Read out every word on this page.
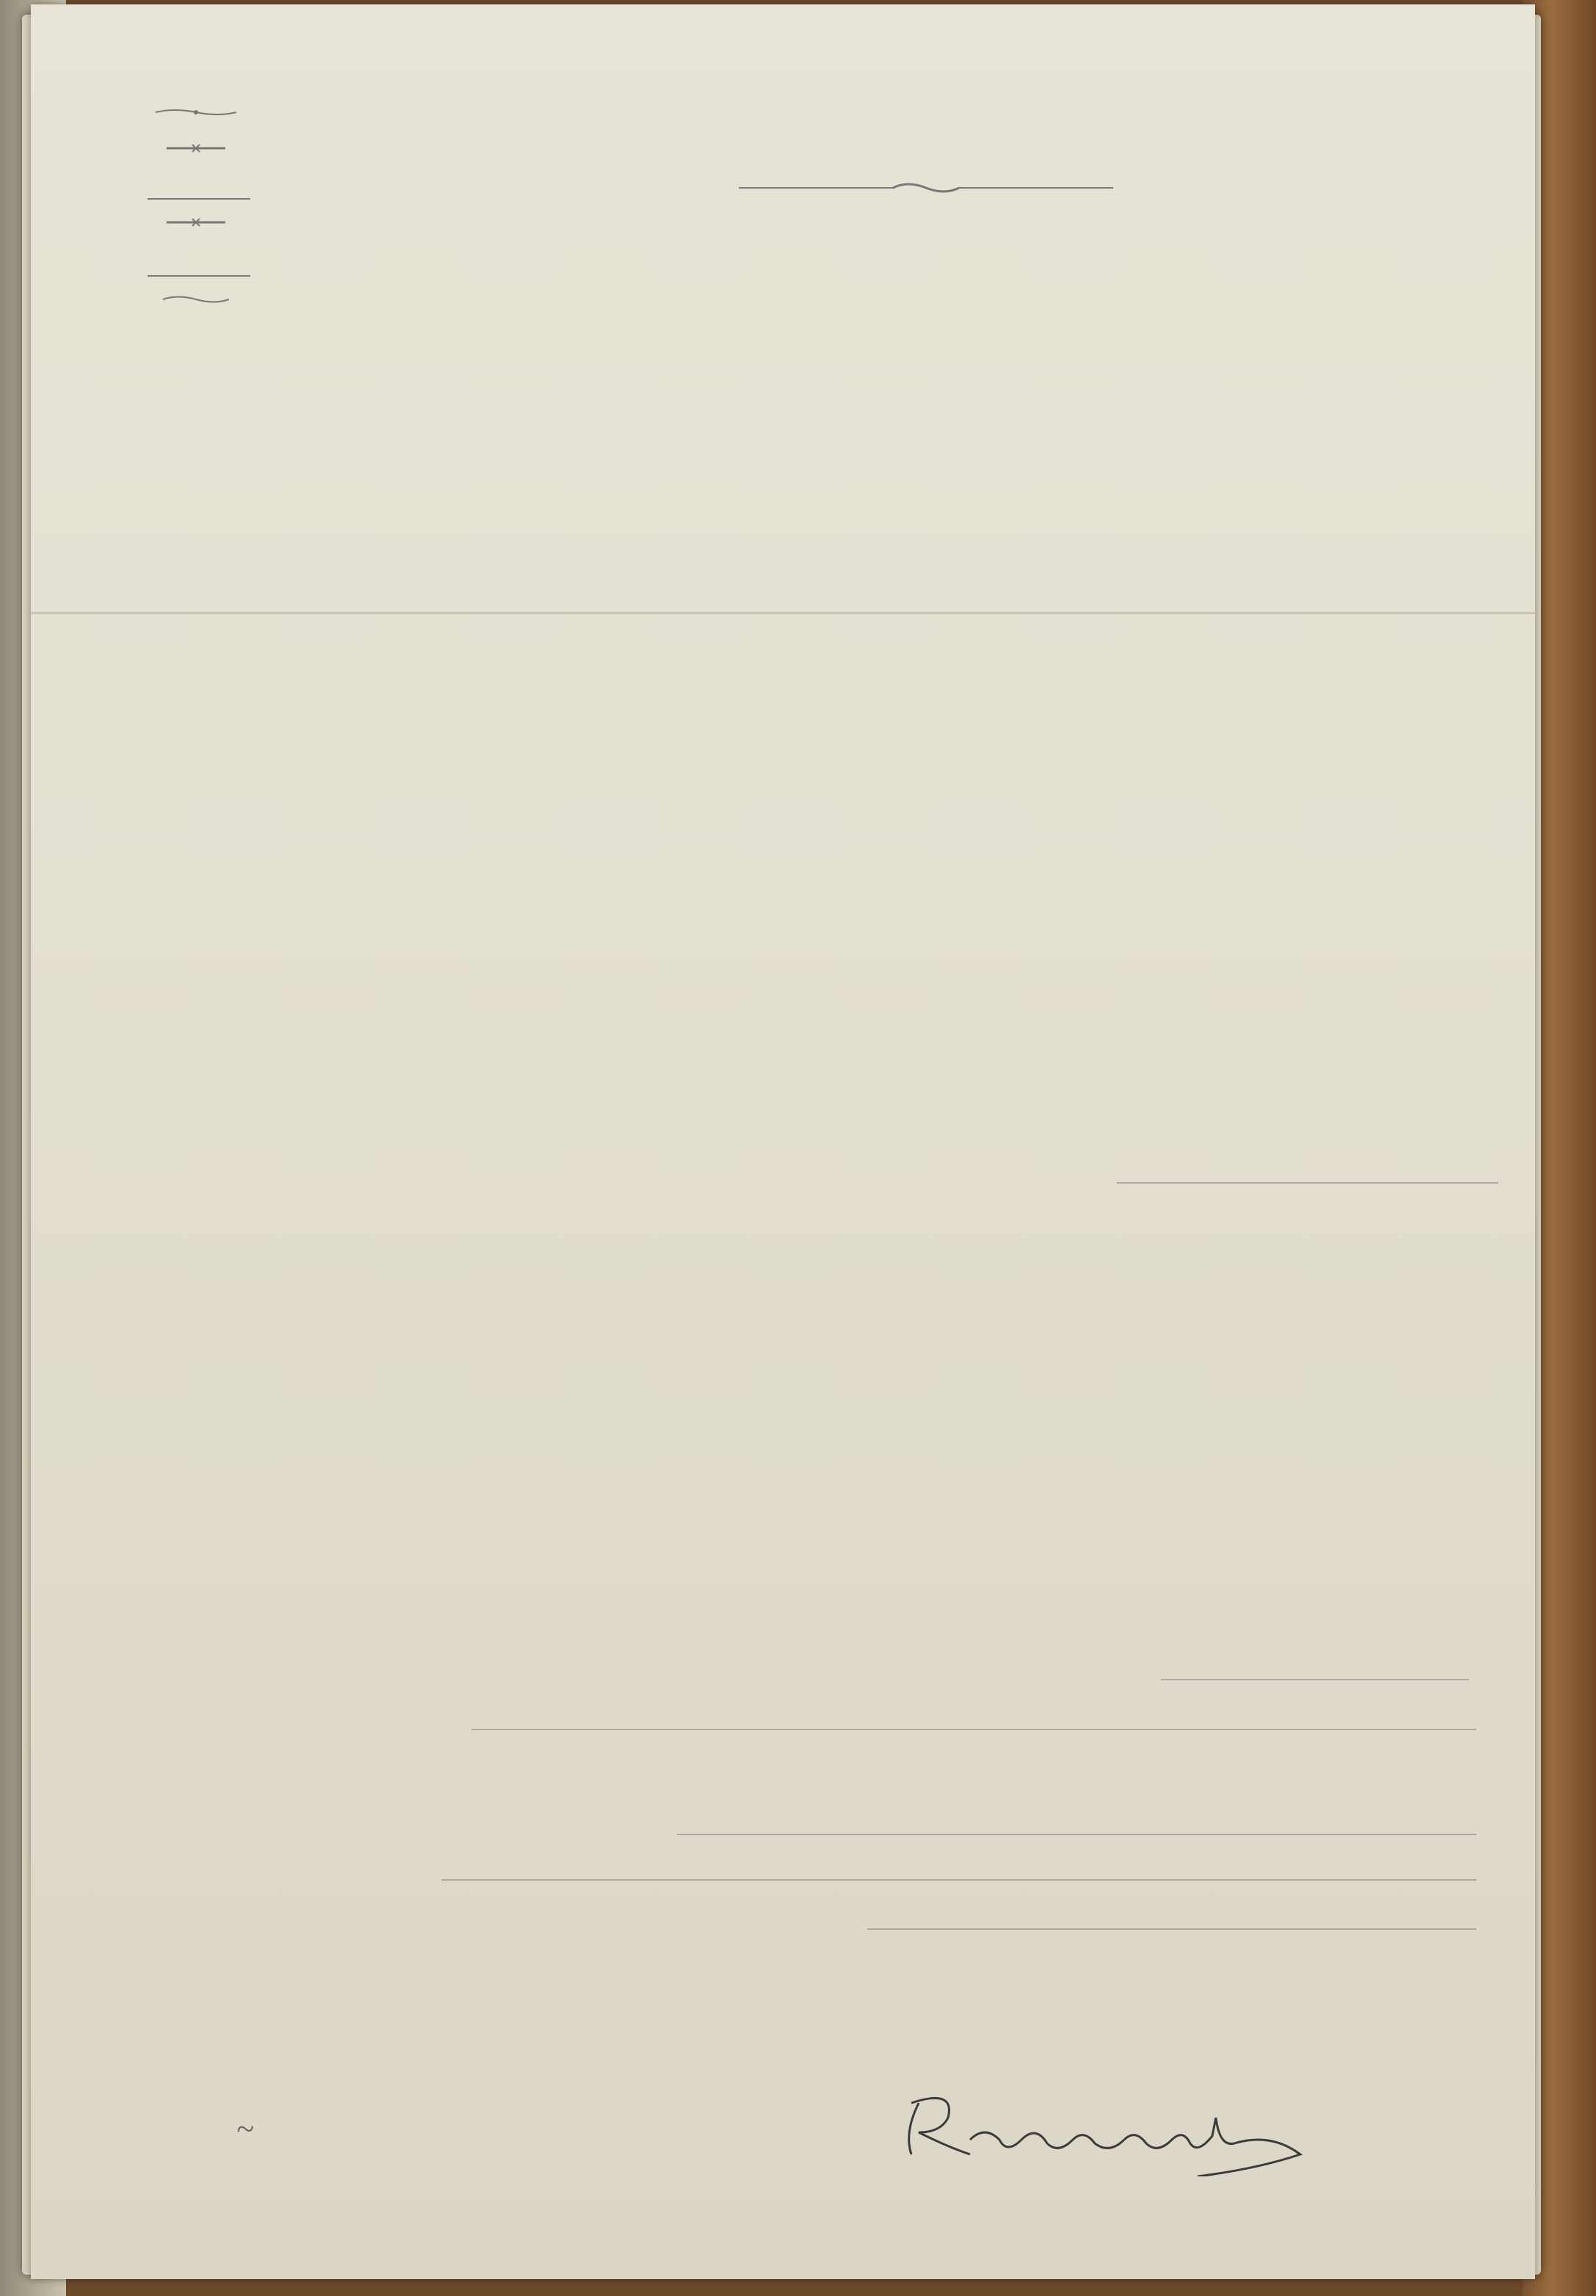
~
